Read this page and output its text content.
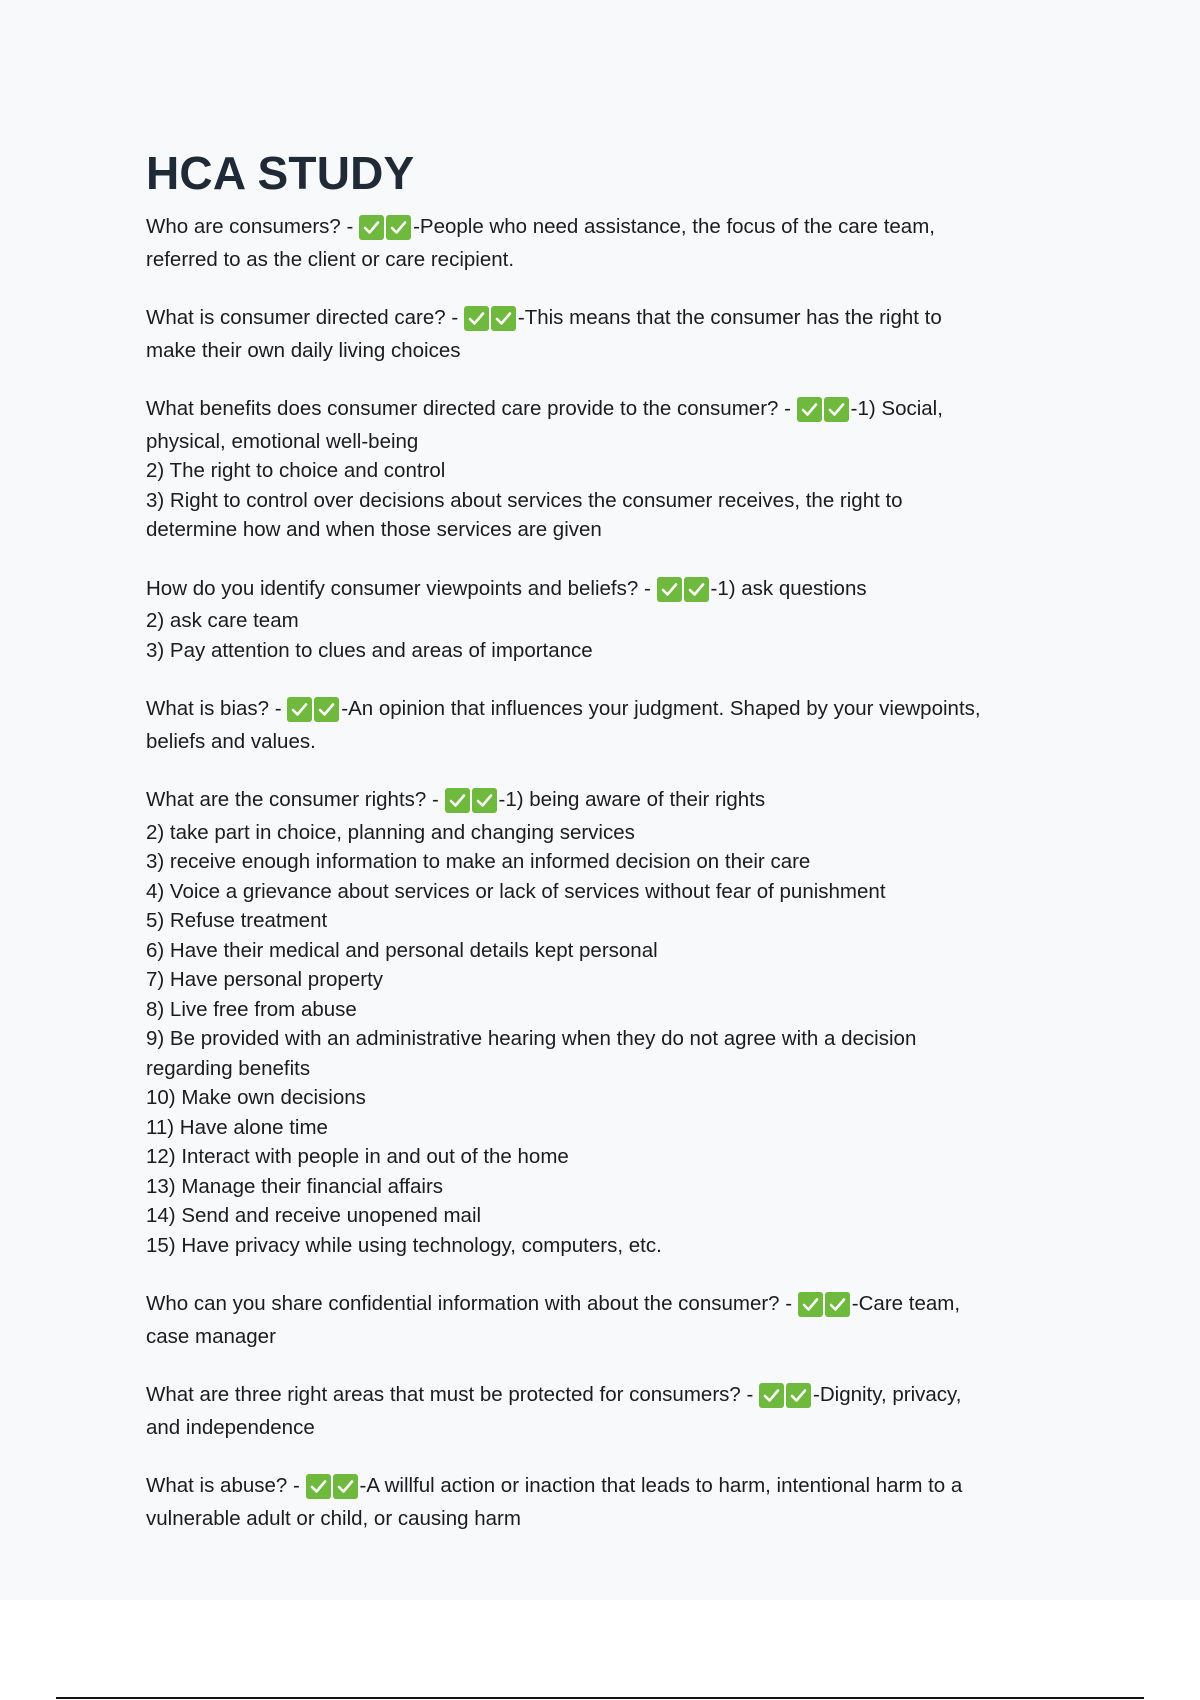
HCA STUDY
Who are consumers? -	-People who need assistance, the focus of the care team,
referred to as the client or care recipient.
What is consumer directed care? -	-This means that the consumer has the right to
make their own daily living choices
What benefits does consumer directed care provide to the consumer? -	-1) Social,
physical, emotional well-being
2) The right to choice and control
3) Right to control over decisions about services the consumer receives, the right to
determine how and when those services are given
How do you identify consumer viewpoints and beliefs? -	-1) ask questions
2) ask care team
3) Pay attention to clues and areas of importance
What is bias? -	-An opinion that influences your judgment. Shaped by your viewpoints,
beliefs and values.
What are the consumer rights? -	-1) being aware of their rights
2) take part in choice, planning and changing services
3) receive enough information to make an informed decision on their care
4) Voice a grievance about services or lack of services without fear of punishment
5) Refuse treatment
6) Have their medical and personal details kept personal
7) Have personal property
8) Live free from abuse
9) Be provided with an administrative hearing when they do not agree with a decision
regarding benefits
10) Make own decisions
11) Have alone time
12) Interact with people in and out of the home
13) Manage their financial affairs
14) Send and receive unopened mail
15) Have privacy while using technology, computers, etc.
Who can you share confidential information with about the consumer? -	-Care team,
case manager
What are three right areas that must be protected for consumers? -	-Dignity, privacy,
and independence
What is abuse? -	-A willful action or inaction that leads to harm, intentional harm to a
vulnerable adult or child, or causing harm
